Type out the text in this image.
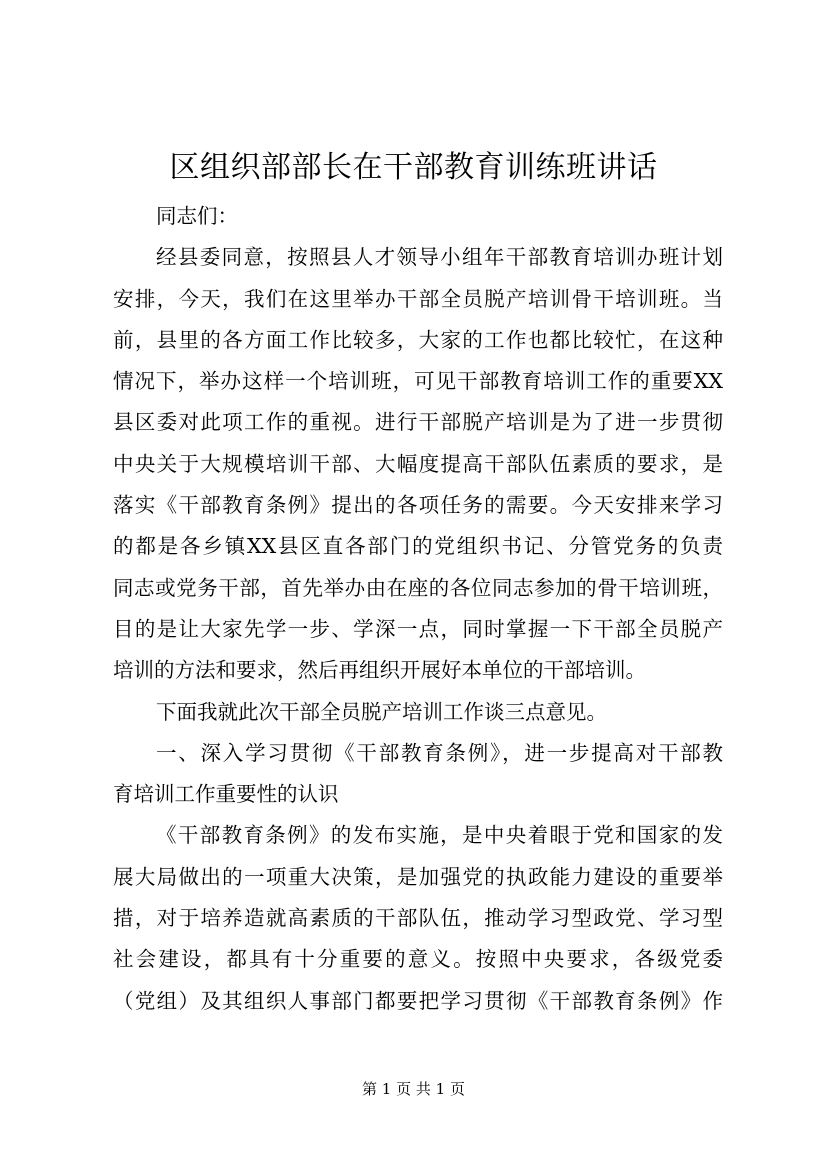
区组织部部长在干部教育训练班讲话
同志们：
经县委同意，按照县人才领导小组年干部教育培训办班计划
安排，今天，我们在这里举办干部全员脱产培训骨干培训班。当
前，县里的各方面工作比较多，大家的工作也都比较忙，在这种
情况下，举办这样一个培训班，可见干部教育培训工作的重要XX
县区委对此项工作的重视。进行干部脱产培训是为了进一步贯彻
中央关于大规模培训干部、大幅度提高干部队伍素质的要求，是
落实《干部教育条例》提出的各项任务的需要。今天安排来学习
的都是各乡镇XX县区直各部门的党组织书记、分管党务的负责
同志或党务干部，首先举办由在座的各位同志参加的骨干培训班，
目的是让大家先学一步、学深一点，同时掌握一下干部全员脱产
培训的方法和要求，然后再组织开展好本单位的干部培训。
下面我就此次干部全员脱产培训工作谈三点意见。
一、深入学习贯彻《干部教育条例》，进一步提高对干部教
育培训工作重要性的认识
《干部教育条例》的发布实施，是中央着眼于党和国家的发
展大局做出的一项重大决策，是加强党的执政能力建设的重要举
措，对于培养造就高素质的干部队伍，推动学习型政党、学习型
社会建设，都具有十分重要的意义。按照中央要求，各级党委
（党组）及其组织人事部门都要把学习贯彻《干部教育条例》作
第 1 页 共 1 页
